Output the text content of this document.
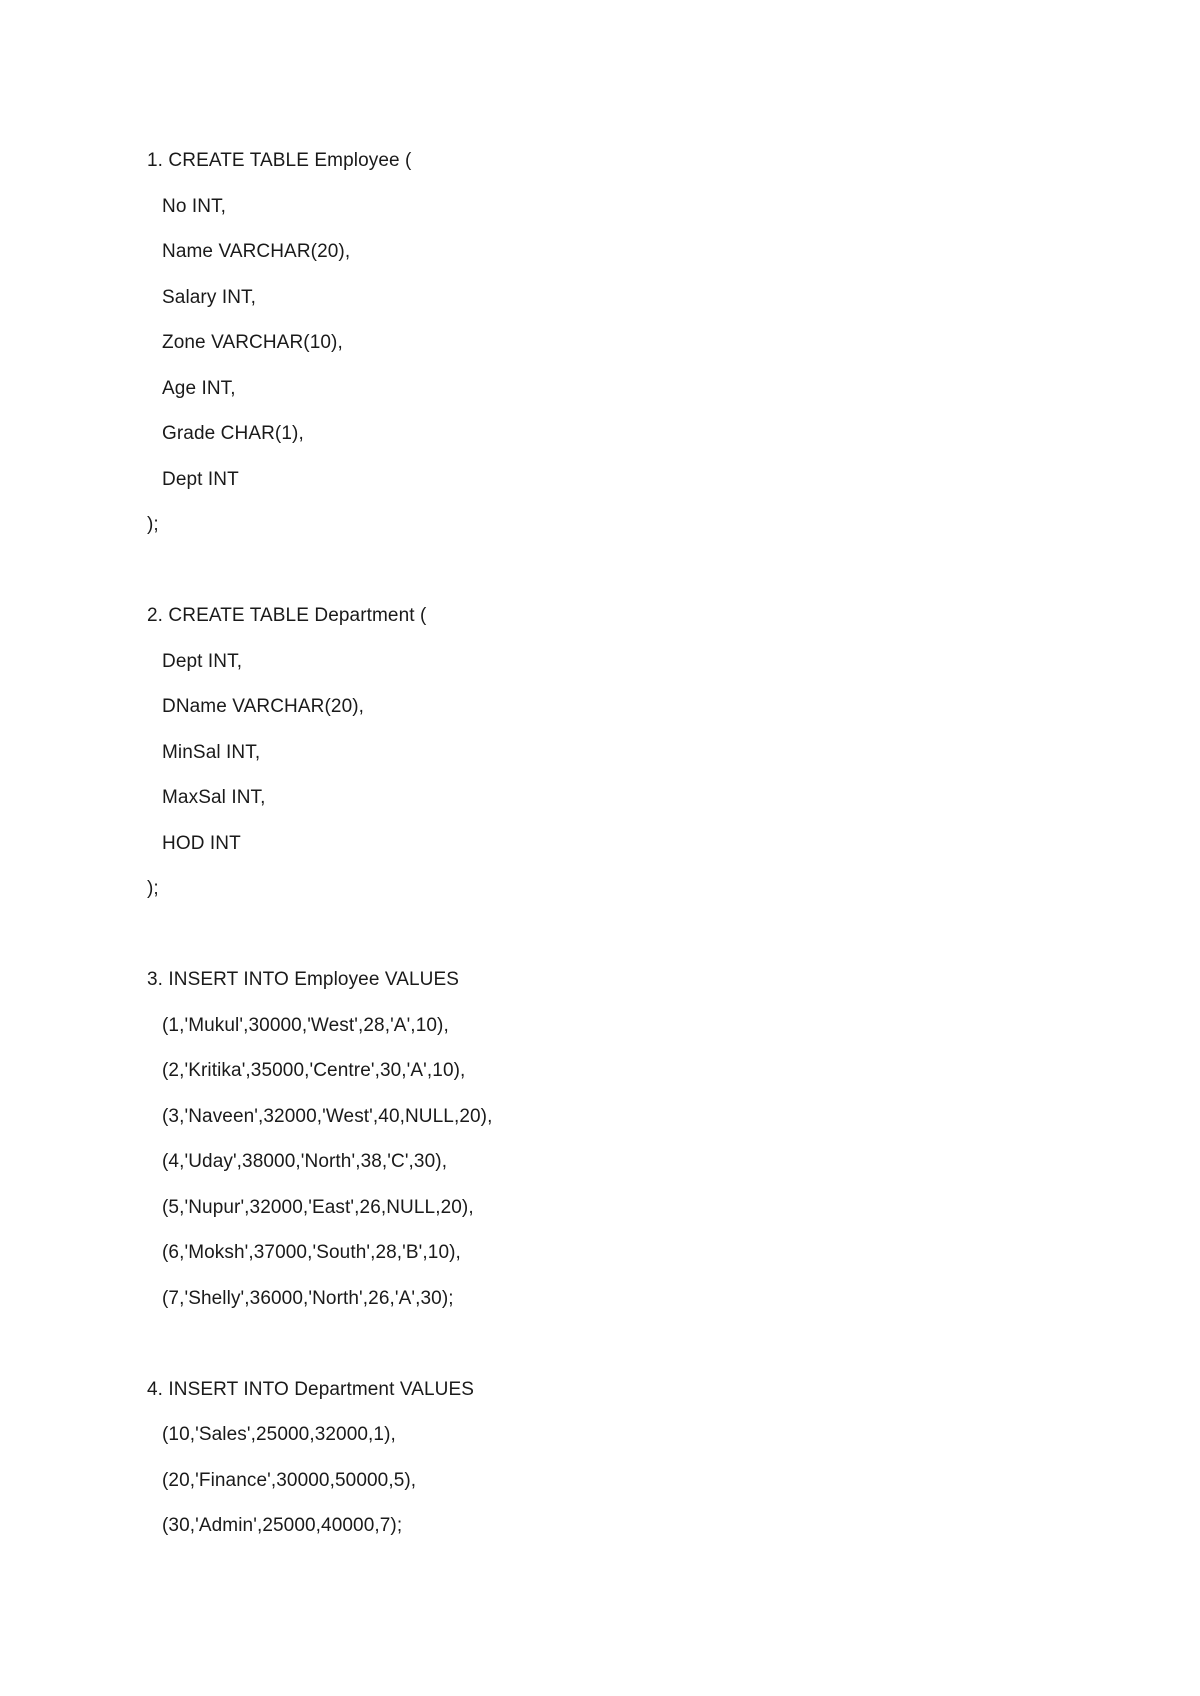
1. CREATE TABLE Employee (
No INT,
Name VARCHAR(20),
Salary INT,
Zone VARCHAR(10),
Age INT,
Grade CHAR(1),
Dept INT
);
2. CREATE TABLE Department (
Dept INT,
DName VARCHAR(20),
MinSal INT,
MaxSal INT,
HOD INT
);
3. INSERT INTO Employee VALUES
(1,'Mukul',30000,'West',28,'A',10),
(2,'Kritika',35000,'Centre',30,'A',10),
(3,'Naveen',32000,'West',40,NULL,20),
(4,'Uday',38000,'North',38,'C',30),
(5,'Nupur',32000,'East',26,NULL,20),
(6,'Moksh',37000,'South',28,'B',10),
(7,'Shelly',36000,'North',26,'A',30);
4. INSERT INTO Department VALUES
(10,'Sales',25000,32000,1),
(20,'Finance',30000,50000,5),
(30,'Admin',25000,40000,7);
